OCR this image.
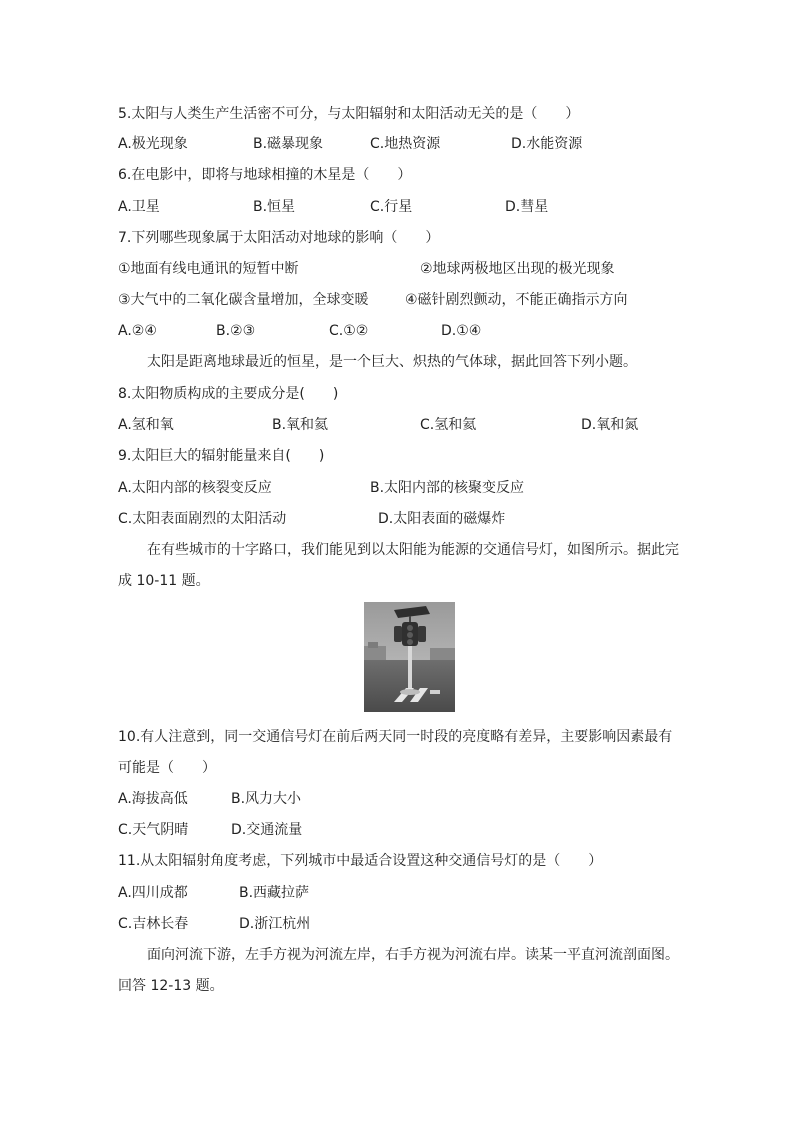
5.太阳与人类生产生活密不可分，与太阳辐射和太阳活动无关的是（　　）
A.极光现象	B.磁暴现象	C.地热资源	D.水能资源
6.在电影中，即将与地球相撞的木星是（　　）
A.卫星	B.恒星	C.行星	D.彗星
7.下列哪些现象属于太阳活动对地球的影响（　　）
①地面有线电通讯的短暂中断	②地球两极地区出现的极光现象
③大气中的二氧化碳含量增加，全球变暖	④磁针剧烈颤动，不能正确指示方向
A.②④	B.②③	C.①②	D.①④
太阳是距离地球最近的恒星，是一个巨大、炽热的气体球，据此回答下列小题。
8.太阳物质构成的主要成分是(　　)
A.氢和氧	B.氧和氦	C.氢和氦	D.氧和氮
9.太阳巨大的辐射能量来自(　　)
A.太阳内部的核裂变反应	B.太阳内部的核聚变反应
C.太阳表面剧烈的太阳活动	D.太阳表面的磁爆炸
在有些城市的十字路口，我们能见到以太阳能为能源的交通信号灯，如图所示。据此完
成 10-11 题。
10.有人注意到，同一交通信号灯在前后两天同一时段的亮度略有差异，主要影响因素最有
可能是（　　）
A.海拔高低	B.风力大小
C.天气阴晴	D.交通流量
11.从太阳辐射角度考虑，下列城市中最适合设置这种交通信号灯的是（　　）
A.四川成都	B.西藏拉萨
C.吉林长春	D.浙江杭州
面向河流下游，左手方视为河流左岸，右手方视为河流右岸。读某一平直河流剖面图。
回答 12-13 题。
